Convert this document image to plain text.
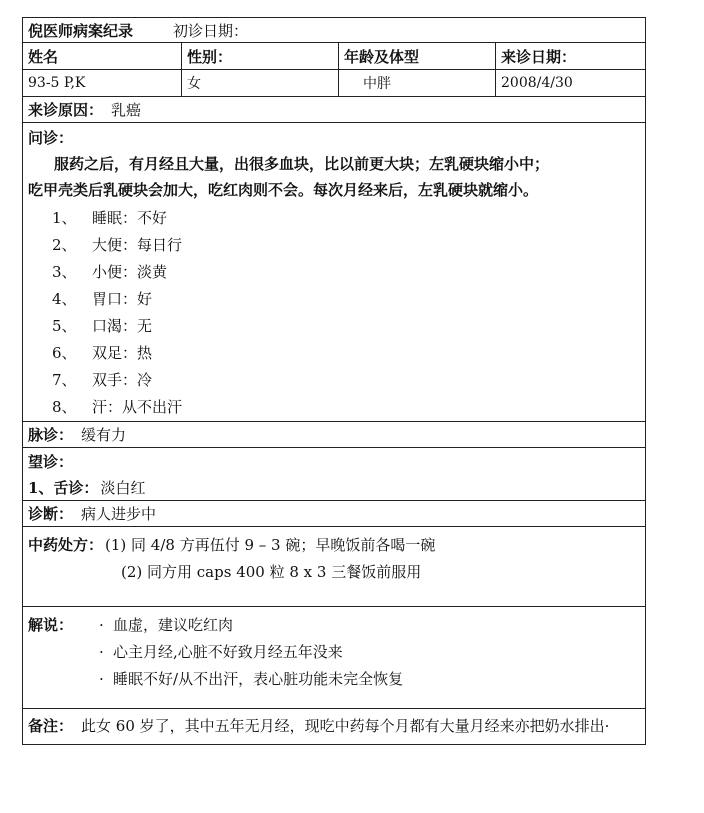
倪医师病案纪录	初诊日期：
姓名	性别：	年龄及体型	来诊日期：
93-5 P,K	女	中胖	2008/4/30
来诊原因： 乳癌
问诊：
服药之后，有月经且大量，出很多血块，比以前更大块；左乳硬块缩小中；
吃甲壳类后乳硬块会加大，吃红肉则不会。每次月经来后，左乳硬块就缩小。
1、	睡眠：不好
2、	大便：每日行
3、	小便：淡黄
4、	胃口：好
5、	口渴：无
6、	双足：热
7、	双手：冷
8、	汗：从不出汗
脉诊： 缓有力
望诊：
1、舌诊： 淡白红
诊断： 病人进步中
中药处方： (1) 同 4/8 方再伍付 9 – 3 碗；早晚饭前各喝一碗
(2) 同方用 caps 400 粒 8 x 3 三餐饭前服用
解说： · 血虚，建议吃红肉
· 心主月经,心脏不好致月经五年没来
· 睡眠不好/从不出汗，表心脏功能未完全恢复
备注： 此女 60 岁了，其中五年无月经，现吃中药每个月都有大量月经来亦把奶水排出·
